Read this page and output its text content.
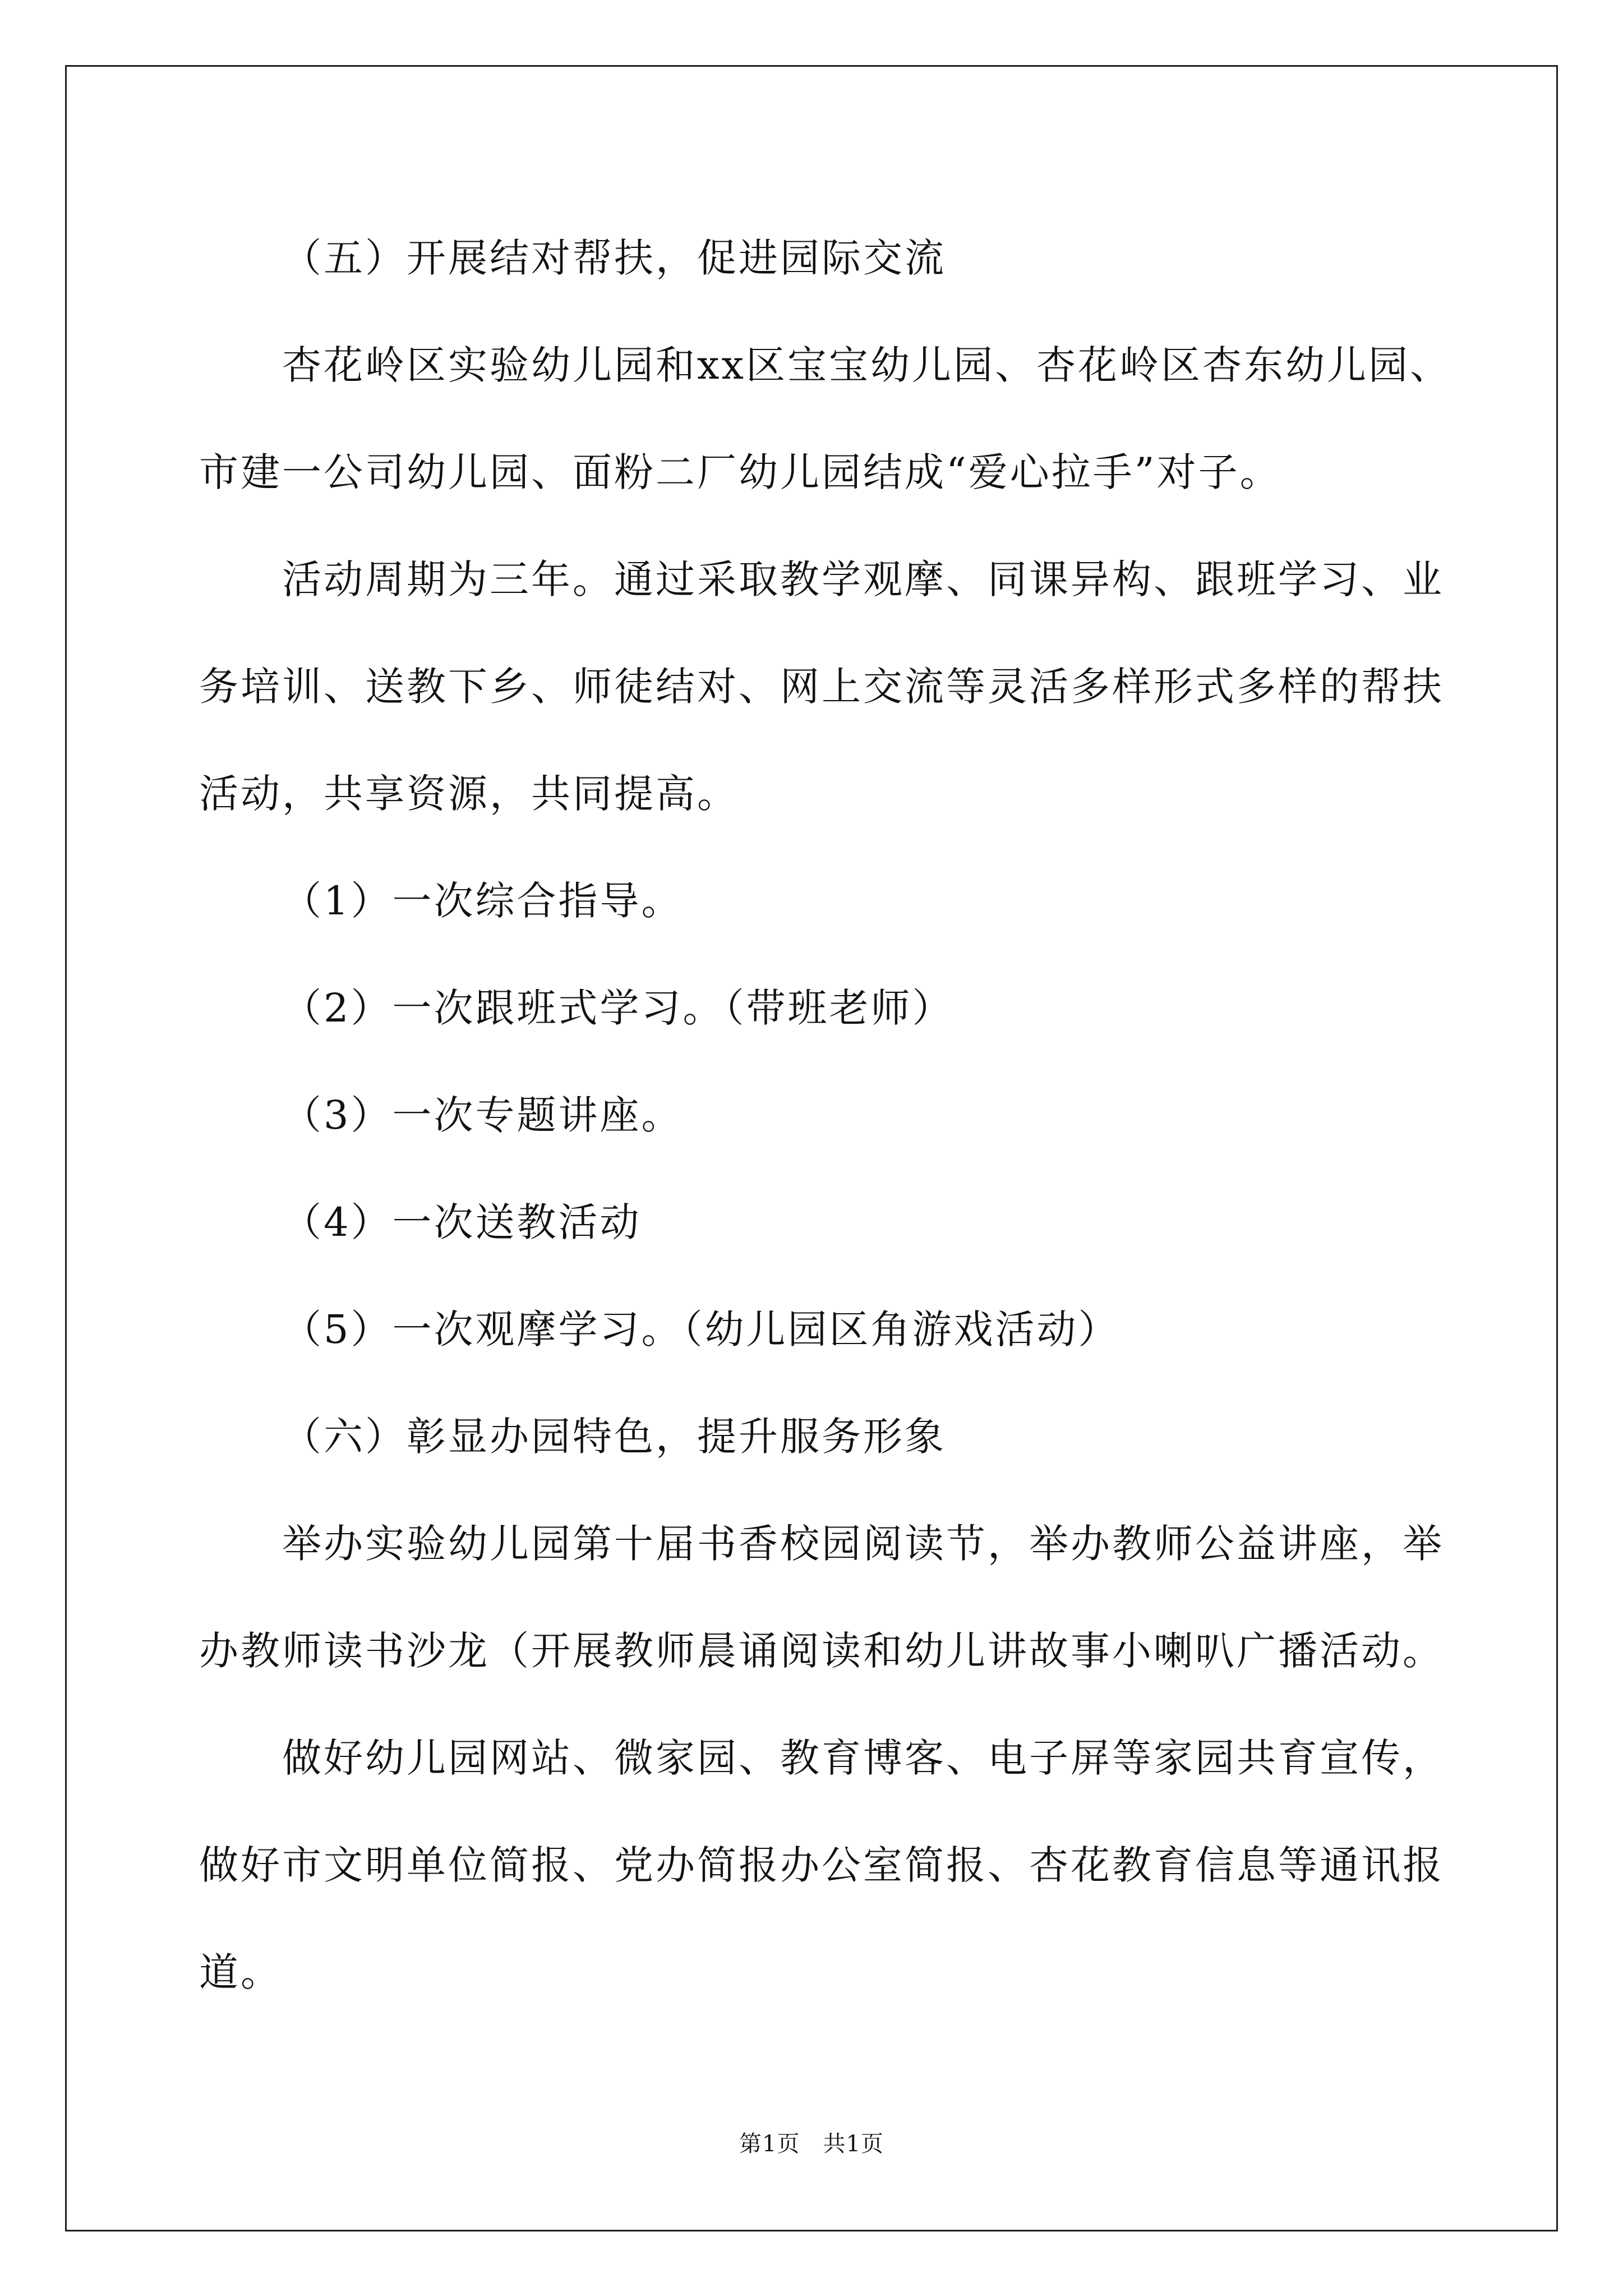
（五）开展结对帮扶，促进园际交流

杏花岭区实验幼儿园和xx区宝宝幼儿园、杏花岭区杏东幼儿园、
市建一公司幼儿园、面粉二厂幼儿园结成“爱心拉手”对子。

活动周期为三年。通过采取教学观摩、同课异构、跟班学习、业
务培训、送教下乡、师徒结对、网上交流等灵活多样形式多样的帮扶
活动，共享资源，共同提高。

（1）一次综合指导。

（2）一次跟班式学习。（带班老师）

（3）一次专题讲座。

（4）一次送教活动

（5）一次观摩学习。（幼儿园区角游戏活动）

（六）彰显办园特色，提升服务形象

举办实验幼儿园第十届书香校园阅读节，举办教师公益讲座，举
办教师读书沙龙（开展教师晨诵阅读和幼儿讲故事小喇叭广播活动。

做好幼儿园网站、微家园、教育博客、电子屏等家园共育宣传，
做好市文明单位简报、党办简报办公室简报、杏花教育信息等通讯报
道。

第1页　共1页
